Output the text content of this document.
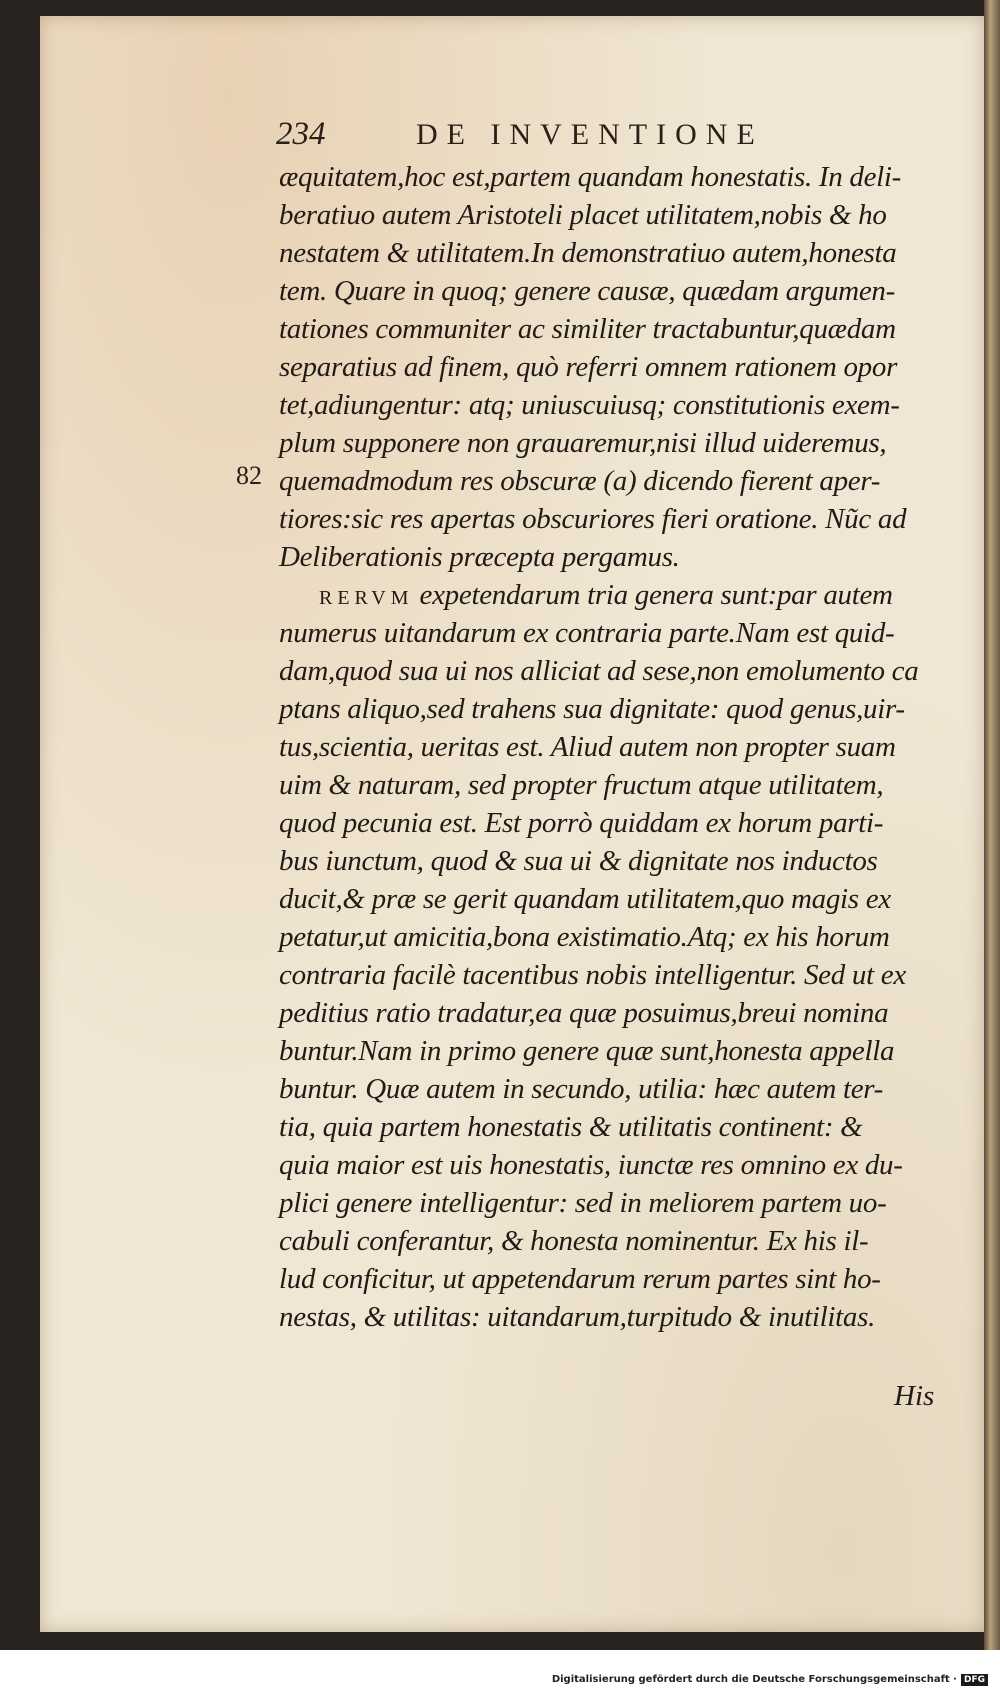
234	DE INVENTIONE
82
æquitatem,hoc est,partem quandam honestatis. In deli-
beratiuo autem Aristoteli placet utilitatem,nobis & ho
nestatem & utilitatem.In demonstratiuo autem,honesta
tem. Quare in quoq; genere causæ, quædam argumen-
tationes communiter ac similiter tractabuntur,quædam
separatius ad finem, quò referri omnem rationem opor
tet,adiungentur: atq; uniuscuiusq; constitutionis exem-
plum supponere non grauaremur,nisi illud uideremus,
quemadmodum res obscuræ (a) dicendo fierent aper-
tiores:sic res apertas obscuriores fieri oratione. Nũc ad
Deliberationis præcepta pergamus.
RERVM expetendarum tria genera sunt:par autem
numerus uitandarum ex contraria parte.Nam est quid-
dam,quod sua ui nos alliciat ad sese,non emolumento ca
ptans aliquo,sed trahens sua dignitate: quod genus,uir-
tus,scientia, ueritas est. Aliud autem non propter suam
uim & naturam, sed propter fructum atque utilitatem,
quod pecunia est. Est porrò quiddam ex horum parti-
bus iunctum, quod & sua ui & dignitate nos inductos
ducit,& præ se gerit quandam utilitatem,quo magis ex
petatur,ut amicitia,bona existimatio.Atq; ex his horum
contraria facilè tacentibus nobis intelligentur. Sed ut ex
peditius ratio tradatur,ea quæ posuimus,breui nomina
buntur.Nam in primo genere quæ sunt,honesta appella
buntur. Quæ autem in secundo, utilia: hæc autem ter-
tia, quia partem honestatis & utilitatis continent: &
quia maior est uis honestatis, iunctæ res omnino ex du-
plici genere intelligentur: sed in meliorem partem uo-
cabuli conferantur, & honesta nominentur. Ex his il-
lud conficitur, ut appetendarum rerum partes sint ho-
nestas, & utilitas: uitandarum,turpitudo & inutilitas.
His
Digitalisierung gefördert durch die Deutsche Forschungsgemeinschaft · DFG
